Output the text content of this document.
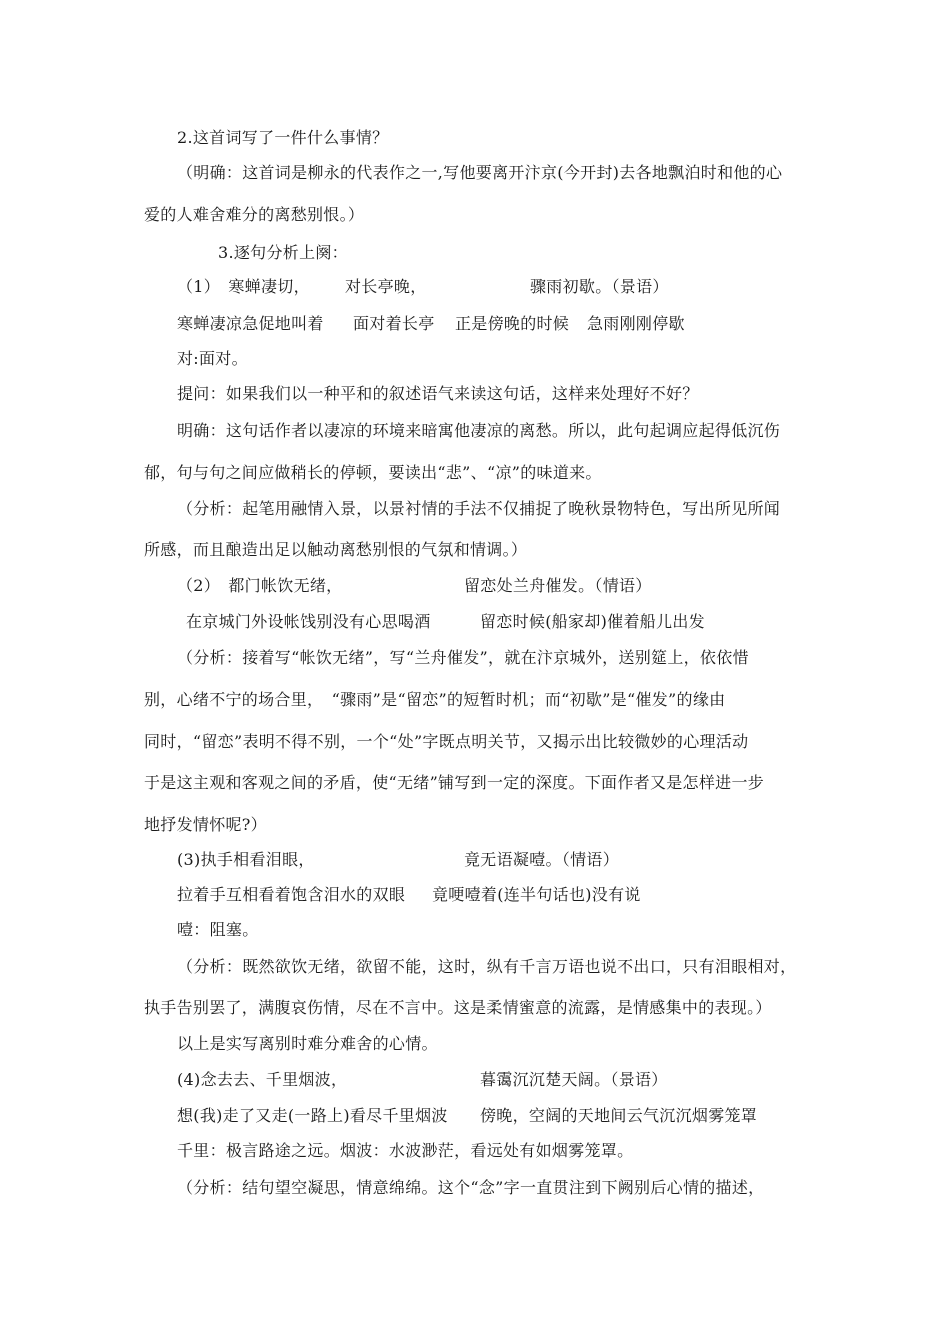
2.这首词写了一件什么事情？
（明确：这首词是柳永的代表作之一,写他要离开汴京(今开封)去各地飘泊时和他的心
爱的人难舍难分的离愁别恨。）
3.逐句分析上阕：
（1）　寒蝉凄切， 对长亭晚，	骤雨初歇。（景语）
寒蝉凄凉急促地叫着 面对着长亭 正是傍晚的时候 急雨刚刚停歇
对:面对。
提问：如果我们以一种平和的叙述语气来读这句话，这样来处理好不好？
明确：这句话作者以凄凉的环境来暗寓他凄凉的离愁。所以，此句起调应起得低沉伤
郁，句与句之间应做稍长的停顿，要读出“悲”、“凉”的味道来。
（分析：起笔用融情入景，以景衬情的手法不仅捕捉了晚秋景物特色，写出所见所闻
所感，而且酿造出足以触动离愁别恨的气氛和情调。）
（2）　都门帐饮无绪，	留恋处兰舟催发。（情语）
在京城门外设帐饯别没有心思喝酒	留恋时候(船家却)催着船儿出发
（分析：接着写“帐饮无绪”，写“兰舟催发”，就在汴京城外，送别筵上，依依惜
别，心绪不宁的场合里，　“骤雨”是“留恋”的短暂时机；而“初歇”是“催发”的缘由
同时，“留恋”表明不得不别，一个“处”字既点明关节，又揭示出比较微妙的心理活动
于是这主观和客观之间的矛盾，使“无绪”铺写到一定的深度。下面作者又是怎样进一步
地抒发情怀呢?）
(3)执手相看泪眼，	竟无语凝噎。（情语）
拉着手互相看着饱含泪水的双眼 竟哽噎着(连半句话也)没有说
噎：阻塞。
（分析：既然欲饮无绪，欲留不能，这时，纵有千言万语也说不出口，只有泪眼相对，
执手告别罢了，满腹哀伤情，尽在不言中。这是柔情蜜意的流露，是情感集中的表现。）
以上是实写离别时难分难舍的心情。
(4)念去去、千里烟波，	暮霭沉沉楚天阔。（景语）
想(我)走了又走(一路上)看尽千里烟波 傍晚，空阔的天地间云气沉沉烟雾笼罩
千里：极言路途之远。烟波：水波渺茫，看远处有如烟雾笼罩。
（分析：结句望空凝思，情意绵绵。这个“念”字一直贯注到下阙别后心情的描述，
